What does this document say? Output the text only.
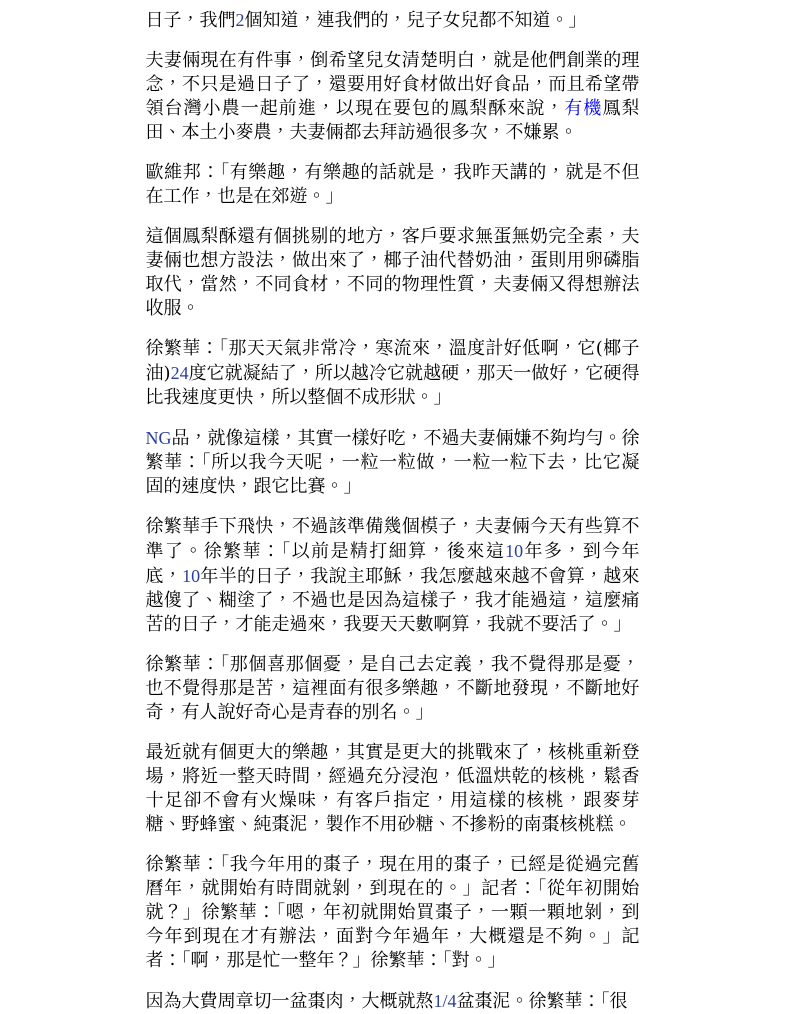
日子，我們2個知道，連我們的，兒子女兒都不知道。」

夫妻倆現在有件事，倒希望兒女清楚明白，就是他們創業的理念，不只是過日子了，還要用好食材做出好食品，而且希望帶領台灣小農一起前進，以現在要包的鳳梨酥來說，有機鳳梨田、本土小麥農，夫妻倆都去拜訪過很多次，不嫌累。

歐維邦：「有樂趣，有樂趣的話就是，我昨天講的，就是不但在工作，也是在郊遊。」

這個鳳梨酥還有個挑剔的地方，客戶要求無蛋無奶完全素，夫妻倆也想方設法，做出來了，椰子油代替奶油，蛋則用卵磷脂取代，當然，不同食材，不同的物理性質，夫妻倆又得想辦法收服。

徐繁華：「那天天氣非常冷，寒流來，溫度計好低啊，它(椰子油)24度它就凝結了，所以越冷它就越硬，那天一做好，它硬得比我速度更快，所以整個不成形狀。」

NG品，就像這樣，其實一樣好吃，不過夫妻倆嫌不夠均勻。徐繁華：「所以我今天呢，一粒一粒做，一粒一粒下去，比它凝固的速度快，跟它比賽。」

徐繁華手下飛快，不過該準備幾個模子，夫妻倆今天有些算不準了。徐繁華：「以前是精打細算，後來這10年多，到今年底，10年半的日子，我說主耶穌，我怎麼越來越不會算，越來越傻了、糊塗了，不過也是因為這樣子，我才能過這，這麼痛苦的日子，才能走過來，我要天天數啊算，我就不要活了。」

徐繁華：「那個喜那個憂，是自己去定義，我不覺得那是憂，也不覺得那是苦，這裡面有很多樂趣，不斷地發現，不斷地好奇，有人說好奇心是青春的別名。」

最近就有個更大的樂趣，其實是更大的挑戰來了，核桃重新登場，將近一整天時間，經過充分浸泡，低溫烘乾的核桃，鬆香十足卻不會有火燥味，有客戶指定，用這樣的核桃，跟麥芽糖、野蜂蜜、純棗泥，製作不用砂糖、不摻粉的南棗核桃糕。

徐繁華：「我今年用的棗子，現在用的棗子，已經是從過完舊曆年，就開始有時間就剝，到現在的。」記者：「從年初開始就？」徐繁華：「嗯，年初就開始買棗子，一顆一顆地剝，到今年到現在才有辦法，面對今年過年，大概還是不夠。」記者：「啊，那是忙一整年？」徐繁華：「對。」

因為大費周章切一盆棗肉，大概就熬1/4盆棗泥。徐繁華：「很
